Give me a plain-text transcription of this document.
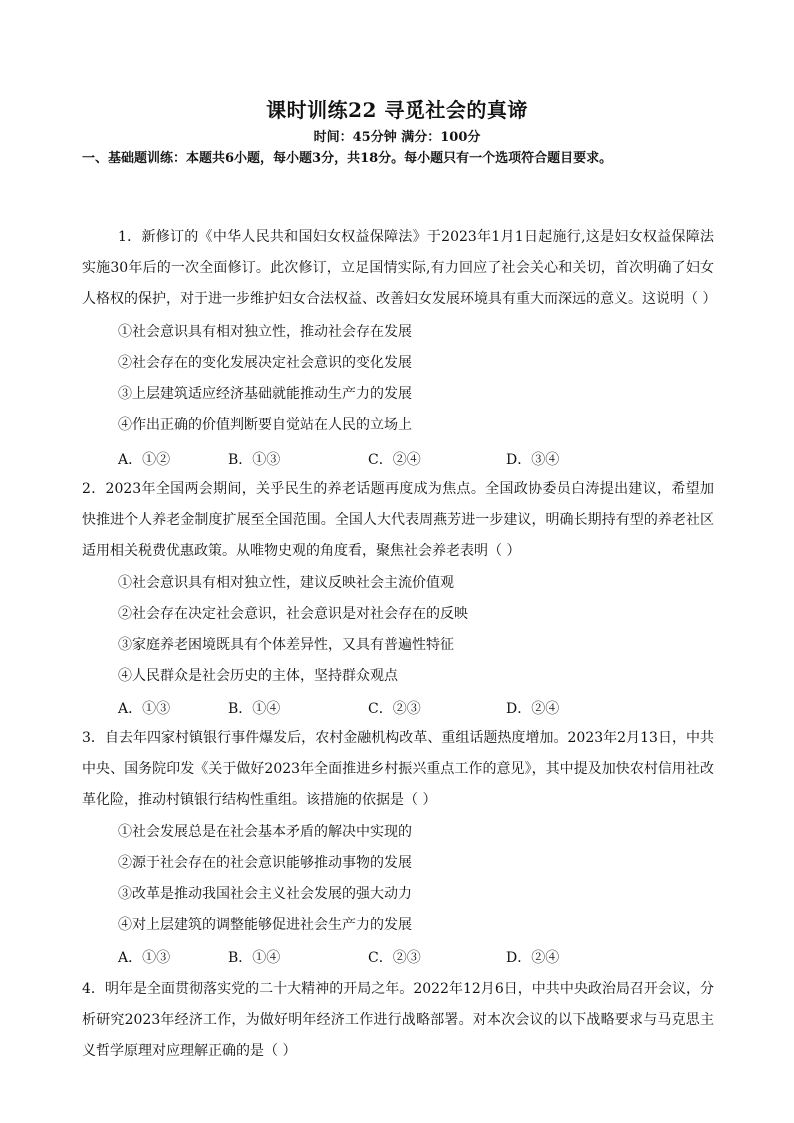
课时训练22 寻觅社会的真谛
时间：45分钟 满分：100分
一、基础题训练：本题共6小题，每小题3分，共18分。每小题只有一个选项符合题目要求。
1．新修订的《中华人民共和国妇女权益保障法》于2023年1月1日起施行,这是妇女权益保障法实施30年后的一次全面修订。此次修订，立足国情实际,有力回应了社会关心和关切，首次明确了妇女人格权的保护，对于进一步维护妇女合法权益、改善妇女发展环境具有重大而深远的意义。这说明（ ）
①社会意识具有相对独立性，推动社会存在发展
②社会存在的变化发展决定社会意识的变化发展
③上层建筑适应经济基础就能推动生产力的发展
④作出正确的价值判断要自觉站在人民的立场上
A．①②	B．①③	C．②④	D．③④
2．2023年全国两会期间，关乎民生的养老话题再度成为焦点。全国政协委员白涛提出建议，希望加快推进个人养老金制度扩展至全国范围。全国人大代表周燕芳进一步建议，明确长期持有型的养老社区适用相关税费优惠政策。从唯物史观的角度看，聚焦社会养老表明（ ）
①社会意识具有相对独立性，建议反映社会主流价值观
②社会存在决定社会意识，社会意识是对社会存在的反映
③家庭养老困境既具有个体差异性，又具有普遍性特征
④人民群众是社会历史的主体，坚持群众观点
A．①③	B．①④	C．②③	D．②④
3．自去年四家村镇银行事件爆发后，农村金融机构改革、重组话题热度增加。2023年2月13日，中共中央、国务院印发《关于做好2023年全面推进乡村振兴重点工作的意见》，其中提及加快农村信用社改革化险，推动村镇银行结构性重组。该措施的依据是（ ）
①社会发展总是在社会基本矛盾的解决中实现的
②源于社会存在的社会意识能够推动事物的发展
③改革是推动我国社会主义社会发展的强大动力
④对上层建筑的调整能够促进社会生产力的发展
A．①③	B．①④	C．②③	D．②④
4．明年是全面贯彻落实党的二十大精神的开局之年。2022年12月6日，中共中央政治局召开会议，分析研究2023年经济工作，为做好明年经济工作进行战略部署。对本次会议的以下战略要求与马克思主义哲学原理对应理解正确的是（ ）
